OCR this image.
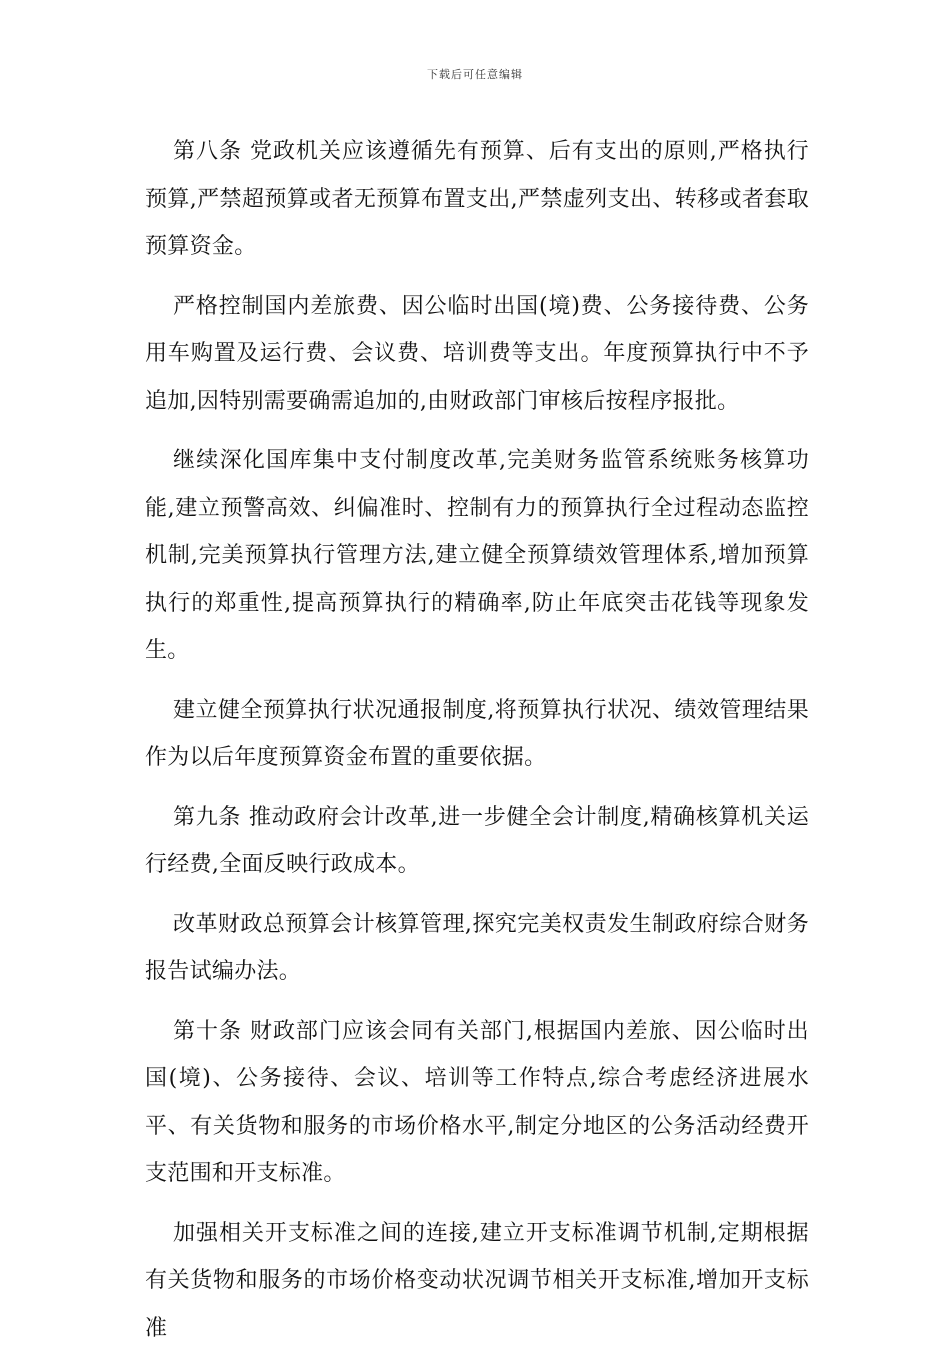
下载后可任意编辑

第八条 党政机关应该遵循先有预算、后有支出的原则,严格执行预算,严禁超预算或者无预算布置支出,严禁虚列支出、转移或者套取预算资金。

严格控制国内差旅费、因公临时出国(境)费、公务接待费、公务用车购置及运行费、会议费、培训费等支出。年度预算执行中不予追加,因特别需要确需追加的,由财政部门审核后按程序报批。

继续深化国库集中支付制度改革,完美财务监管系统账务核算功能,建立预警高效、纠偏准时、控制有力的预算执行全过程动态监控机制,完美预算执行管理方法,建立健全预算绩效管理体系,增加预算执行的郑重性,提高预算执行的精确率,防止年底突击花钱等现象发生。

建立健全预算执行状况通报制度,将预算执行状况、绩效管理结果作为以后年度预算资金布置的重要依据。

第九条 推动政府会计改革,进一步健全会计制度,精确核算机关运行经费,全面反映行政成本。

改革财政总预算会计核算管理,探究完美权责发生制政府综合财务报告试编办法。

第十条 财政部门应该会同有关部门,根据国内差旅、因公临时出国(境)、公务接待、会议、培训等工作特点,综合考虑经济进展水平、有关货物和服务的市场价格水平,制定分地区的公务活动经费开支范围和开支标准。

加强相关开支标准之间的连接,建立开支标准调节机制,定期根据有关货物和服务的市场价格变动状况调节相关开支标准,增加开支标准
